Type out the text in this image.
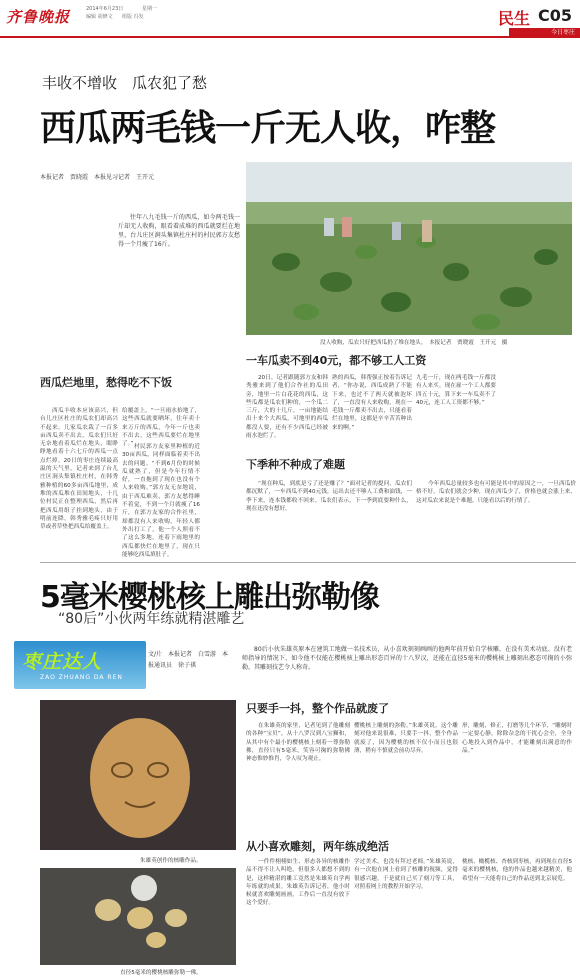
齐鲁晚报	2014年6月23日	星期一
编辑 胡修文 组版 冯发	民生 C05
今日枣庄
丰收不增收　瓜农犯了愁
西瓜两毛钱一斤无人收，咋整
本报记者　贾晓霞　本报见习记者　王开元
往年八九毛钱一斤的西瓜，如今两毛钱一斤却无人收购，眼看着成堆的西瓜就要烂在地里，台儿庄区涧头集镇杜庄村的村民郭方友愁得一个月瘦了16斤。
没人收购，瓜农只好把西瓜扔了堆在地头。　本报记者　贾晓霞　王开元　摄
西瓜烂地里，愁得吃不下饭
西瓜丰收本应该高兴，但台儿庄区杜庄的瓜农们却高兴不起来。几家瓜农栽了一百多亩西瓜卖不出去，瓜农们只好无奈地看着瓜烂在地头，眼睁睁地看着十六七斤的西瓜一点点烂掉。20日的枣庄连续最高温的天气里，记者来到了台儿庄区涧头集镇杜庄村，在韩秀雅种植的60多亩西瓜地里，成堆的西瓜堆在田间地头，十几位村民正在整理西瓜，然后再把西瓜用组子挂到地头，由于明前连降，韩秀雅毛疼只好用草或者草垫把西瓜给覆盖上。
给覆盖上。“一旦雨水抬地了，这些西瓜就要晒坏，往年卖十来万斤的西瓜，今年一斤也卖不出去，这些西瓜要烂在地里了。” 村民郭方友家里种植的近30亩西瓜，同样面临着卖不出去的问题。“不到6月份的时候瓜就熟了，但是今年行情不好，一直拖到了现在也没有个人来收购。”郭方友无奈地说，由于西瓜难卖，郭方友愁得睡不着觉，不到一个月就瘦了16斤，在郭方友家的合作社里，却都没有人来收购，年轻人都外出打工了，他一个人照看不了这么多地，连着下雨地里的西瓜都快烂在地里了，现在只能够吃西瓜填肚子。
一车瓜卖不到40元，都不够工人工资
20日，记者跟随郭方友和韩秀雅来到了他们合作社的瓜田旁，地里一片白花花的西瓜，这些瓜都是瓜农们种的，一个瓜二三斤，大的十几斤，一亩地能结出十来个大西瓜，可地里的西瓜都没人要，还有不少西瓜已经被雨水泡烂了。
熟的西瓜，韩帮强正按着告诉记者，“你办说，西瓜成熟了不能下来，也过不了两天就被泡坏了，一直没有人来收购，现在一毛钱一斤都卖不出去，只能看着烂在地里，这都是辛辛苦苦种出来的啊。”
九毛一斤，现在两毛钱一斤都没有人来买。现在雇一个工人都要四五十元，算下来一车瓜卖不了40元，连工人工资都不够。”
下季种不种成了难题
“现在种瓜，到底是亏了还是赚了？”面对记者的提问，瓜农们都沉默了，一车西瓜不到40元钱，运出去还不够人工费和油钱，一季下来，连本钱都收不回来。瓜农们表示，下一季到底要种什么，现在还没有想好。
今年西瓜总量较多也有可能是其中的原因之一，一旦西瓜价格不好，瓜农们就会少种，现在西瓜少了，价格也就会涨上来，这对瓜农来说是个难题，只能看以后的行情了。
5毫米樱桃核上雕出弥勒像
“80后”小伙两年练就精湛雕艺
枣庄达人
ZAO ZHUANG DA REN
文/片　本报记者　白雪游　本报通讯员　徐子祺
80后小伙朱雄英原本在建筑工地做一名技术员，从小喜欢刻刻画画的他两年前开始自学核雕，在没有美术功底、没有老师指导的情况下，如今他不仅能在樱桃核上雕出形态百异的十八罗汉，还能在直径5毫米的樱桃核上雕刻出憨态可掬的小弥勒，其雕刻技艺令人称奇。
朱雄英创作的核雕作品。
只要手一抖，整个作品就废了
在朱雄英的家里，记者见到了他雕刻的各种“宝贝”，从十八罗汉到八宝狮和，从其中有个最小的樱桃核上刻着一尊弥勒佛，直径只有5毫米，笑容可掬的弥勒佛神态惟妙惟肖，令人叹为观止。
樱桃核上雕刻的弥勒。”朱雄英说，这个雕刻对他来说很难，只要手一抖，整个作品就废了，因为樱桃的核不仅小而且也很薄，稍有不慎就会前功尽弃。
形，雕刻，修正，打磨等几个环节，“雕刻时一定要心静，除除杂念的干扰心会全，全身心地投入到作品中，才能雕刻出满意的作品。”
从小喜欢雕刻，两年练成绝活
直径5毫米的樱桃核雕弥勒一佛。
一件件栩栩如生、形态各异的核雕作品不得不让人叫绝，但很多人都想不到的是，这样精湛的雕工竟然是朱雄英自学两年练就的成果。朱雄英告诉记者，他小时候就喜欢雕刻画画，工作后一直没有放下这个爱好。
学过美术，也没有拜过老师。”朱雄英说，有一次他在网上看到了核雕的视频，觉得很感兴趣，于是就自己买了刻刀等工具，对照着网上的教程开始学习。
桃核、橄榄核、杏核到枣核，再到现在直径5毫米的樱桃核，他的作品也越来越精美，他希望有一天能将自己的作品送到北京展览。
